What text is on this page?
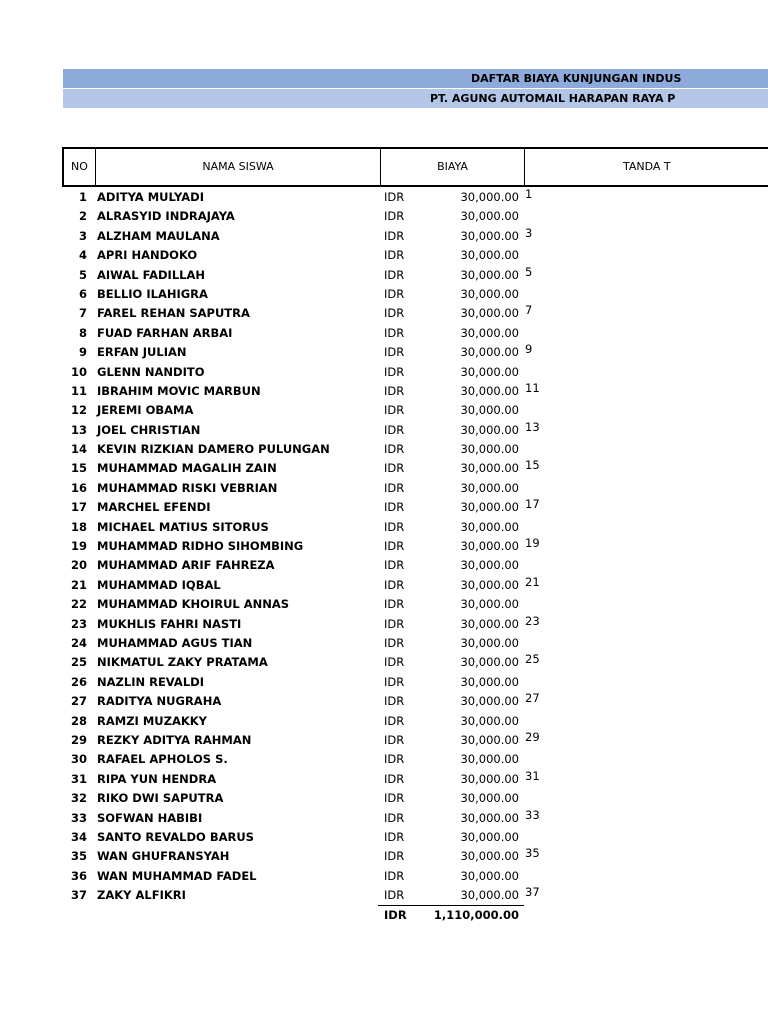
DAFTAR BIAYA KUNJUNGAN INDUS
PT. AGUNG AUTOMAIL HARAPAN RAYA P
NO	NAMA SISWA	BIAYA	TANDA T
1 ADITYA MULYADI	IDR	30,000.00 1
2 ALRASYID INDRAJAYA	IDR	30,000.00
3 ALZHAM MAULANA	IDR	30,000.00 3
4 APRI HANDOKO	IDR	30,000.00
5 AIWAL FADILLAH	IDR	30,000.00 5
6 BELLIO ILAHIGRA	IDR	30,000.00
7 FAREL REHAN SAPUTRA	IDR	30,000.00 7
8 FUAD FARHAN ARBAI	IDR	30,000.00
9 ERFAN JULIAN	IDR	30,000.00 9
10 GLENN NANDITO	IDR	30,000.00
11 IBRAHIM MOVIC MARBUN	IDR	30,000.00 11
12 JEREMI OBAMA	IDR	30,000.00
13 JOEL CHRISTIAN	IDR	30,000.00 13
14 KEVIN RIZKIAN DAMERO PULUNGAN	IDR	30,000.00
15 MUHAMMAD MAGALIH ZAIN	IDR	30,000.00 15
16 MUHAMMAD RISKI VEBRIAN	IDR	30,000.00
17 MARCHEL EFENDI	IDR	30,000.00 17
18 MICHAEL MATIUS SITORUS	IDR	30,000.00
19 MUHAMMAD RIDHO SIHOMBING	IDR	30,000.00 19
20 MUHAMMAD ARIF FAHREZA	IDR	30,000.00
21 MUHAMMAD IQBAL	IDR	30,000.00 21
22 MUHAMMAD KHOIRUL ANNAS	IDR	30,000.00
23 MUKHLIS FAHRI NASTI	IDR	30,000.00 23
24 MUHAMMAD AGUS TIAN	IDR	30,000.00
25 NIKMATUL ZAKY PRATAMA	IDR	30,000.00 25
26 NAZLIN REVALDI	IDR	30,000.00
27 RADITYA NUGRAHA	IDR	30,000.00 27
28 RAMZI MUZAKKY	IDR	30,000.00
29 REZKY ADITYA RAHMAN	IDR	30,000.00 29
30 RAFAEL APHOLOS S.	IDR	30,000.00
31 RIPA YUN HENDRA	IDR	30,000.00 31
32 RIKO DWI SAPUTRA	IDR	30,000.00
33 SOFWAN HABIBI	IDR	30,000.00 33
34 SANTO REVALDO BARUS	IDR	30,000.00
35 WAN GHUFRANSYAH	IDR	30,000.00 35
36 WAN MUHAMMAD FADEL	IDR	30,000.00
37 ZAKY ALFIKRI	IDR	30,000.00 37
IDR	1,110,000.00
